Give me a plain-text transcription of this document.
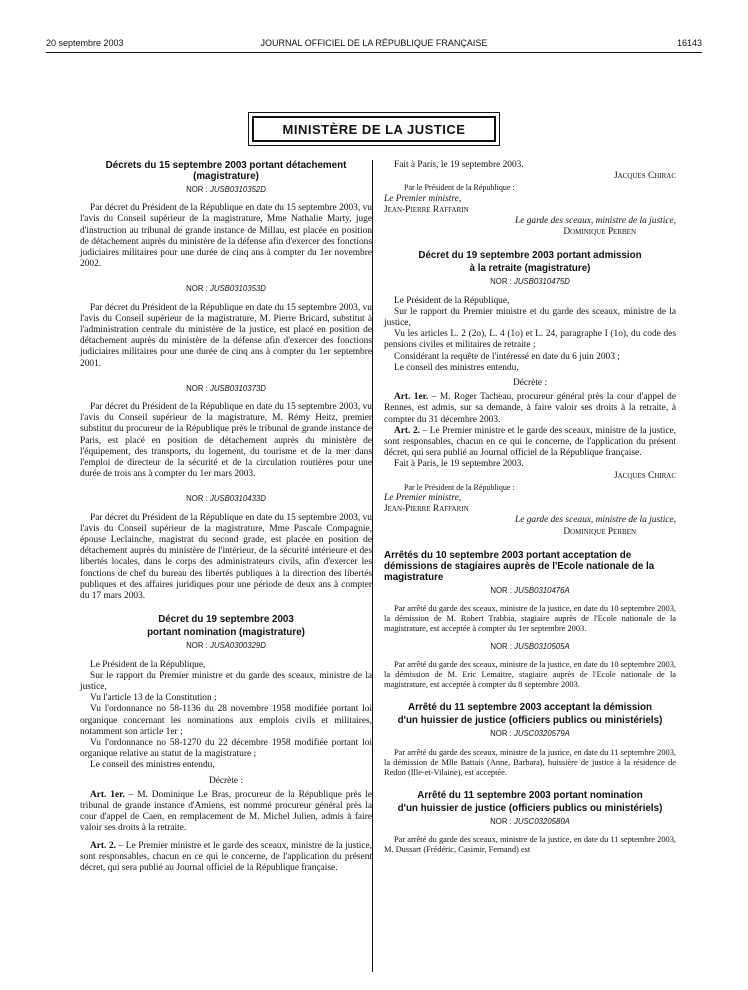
20 septembre 2003	JOURNAL OFFICIEL DE LA RÉPUBLIQUE FRANÇAISE	16143
MINISTÈRE DE LA JUSTICE
Décrets du 15 septembre 2003 portant détachement (magistrature)
NOR : JUSB0310352D

Par décret du Président de la République en date du 15 septembre 2003, vu l'avis du Conseil supérieur de la magistrature, Mme Nathalie Marty, juge d'instruction au tribunal de grande instance de Millau, est placée en position de détachement auprès du ministère de la défense afin d'exercer des fonctions judiciaires militaires pour une durée de cinq ans à compter du 1er novembre 2002.

NOR : JUSB0310353D

Par décret du Président de la République en date du 15 septembre 2003, vu l'avis du Conseil supérieur de la magistrature, M. Pierre Bricard, substitut à l'administration centrale du ministère de la justice, est placé en position de détachement auprès du ministère de la défense afin d'exercer des fonctions judiciaires militaires pour une durée de cinq ans à compter du 1er septembre 2001.

NOR : JUSB0310373D

Par décret du Président de la République en date du 15 septembre 2003, vu l'avis du Conseil supérieur de la magistrature, M. Rémy Heitz, premier substitut du procureur de la République près le tribunal de grande instance de Paris, est placé en position de détachement auprès du ministère de l'équipement, des transports, du logement, du tourisme et de la mer dans l'emploi de directeur de la sécurité et de la circulation routières pour une durée de trois ans à compter du 1er mars 2003.

NOR : JUSB0310433D

Par décret du Président de la République en date du 15 septembre 2003, vu l'avis du Conseil supérieur de la magistrature, Mme Pascale Compagnie, épouse Leclainche, magistrat du second grade, est placée en position de détachement auprès du ministère de l'intérieur, de la sécurité intérieure et des libertés locales, dans le corps des administrateurs civils, afin d'exercer les fonctions de chef du bureau des libertés publiques à la direction des libertés publiques et des affaires juridiques pour une période de deux ans à compter du 17 mars 2003.

Décret du 19 septembre 2003
portant nomination (magistrature)
NOR : JUSA0300329D

Le Président de la République,

Sur le rapport du Premier ministre et du garde des sceaux, ministre de la justice,

Vu l'article 13 de la Constitution ;

Vu l'ordonnance no 58-1136 du 28 novembre 1958 modifiée portant loi organique concernant les nominations aux emplois civils et militaires, notamment son article 1er ;

Vu l'ordonnance no 58-1270 du 22 décembre 1958 modifiée portant loi organique relative au statut de la magistrature ;

Le conseil des ministres entendu,

Décrète :

Art. 1er. – M. Dominique Le Bras, procureur de la République près le tribunal de grande instance d'Amiens, est nommé procureur général près la cour d'appel de Caen, en remplacement de M. Michel Julien, admis à faire valoir ses droits à la retraite.

Art. 2. – Le Premier ministre et le garde des sceaux, ministre de la justice, sont responsables, chacun en ce qui le concerne, de l'application du présent décret, qui sera publié au Journal officiel de la République française.

Fait à Paris, le 19 septembre 2003.

Jacques Chirac

Par le Président de la République :

Le Premier ministre,

Jean-Pierre Raffarin

Le garde des sceaux, ministre de la justice,

Dominique Perben

Décret du 19 septembre 2003 portant admission
à la retraite (magistrature)
NOR : JUSB0310475D

Le Président de la République,

Sur le rapport du Premier ministre et du garde des sceaux, ministre de la justice,

Vu les articles L. 2 (2o), L. 4 (1o) et L. 24, paragraphe I (1o), du code des pensions civiles et militaires de retraite ;

Considérant la requête de l'intéressé en date du 6 juin 2003 ;

Le conseil des ministres entendu,

Décrète :

Art. 1er. – M. Roger Tacheau, procureur général près la cour d'appel de Rennes, est admis, sur sa demande, à faire valoir ses droits à la retraite, à compter du 31 décembre 2003.

Art. 2. – Le Premier ministre et le garde des sceaux, ministre de la justice, sont responsables, chacun en ce qui le concerne, de l'application du présent décret, qui sera publié au Journal officiel de la République française.

Fait à Paris, le 19 septembre 2003.

Jacques Chirac

Par le Président de la République :

Le Premier ministre,

Jean-Pierre Raffarin

Le garde des sceaux, ministre de la justice,

Dominique Perben

Arrêtés du 10 septembre 2003 portant acceptation de démissions de stagiaires auprès de l'Ecole nationale de la magistrature
NOR : JUSB0310476A

Par arrêté du garde des sceaux, ministre de la justice, en date du 10 septembre 2003, la démission de M. Robert Trabbia, stagiaire auprès de l'Ecole nationale de la magistrature, est acceptée à compter du 1er septembre 2003.

NOR : JUSB0310505A

Par arrêté du garde des sceaux, ministre de la justice, en date du 10 septembre 2003, la démission de M. Eric Lemaitre, stagiaire auprès de l'Ecole nationale de la magistrature, est acceptée à compter du 8 septembre 2003.

Arrêté du 11 septembre 2003 acceptant la démission
d'un huissier de justice (officiers publics ou ministériels)
NOR : JUSC0320579A

Par arrêté du garde des sceaux, ministre de la justice, en date du 11 septembre 2003, la démission de Mlle Battais (Anne, Barbara), huissière de justice à la résidence de Redon (Ille-et-Vilaine), est acceptée.

Arrêté du 11 septembre 2003 portant nomination
d'un huissier de justice (officiers publics ou ministériels)
NOR : JUSC0320580A

Par arrêté du garde des sceaux, ministre de la justice, en date du 11 septembre 2003, M. Dussart (Frédéric, Casimir, Fernand) est
